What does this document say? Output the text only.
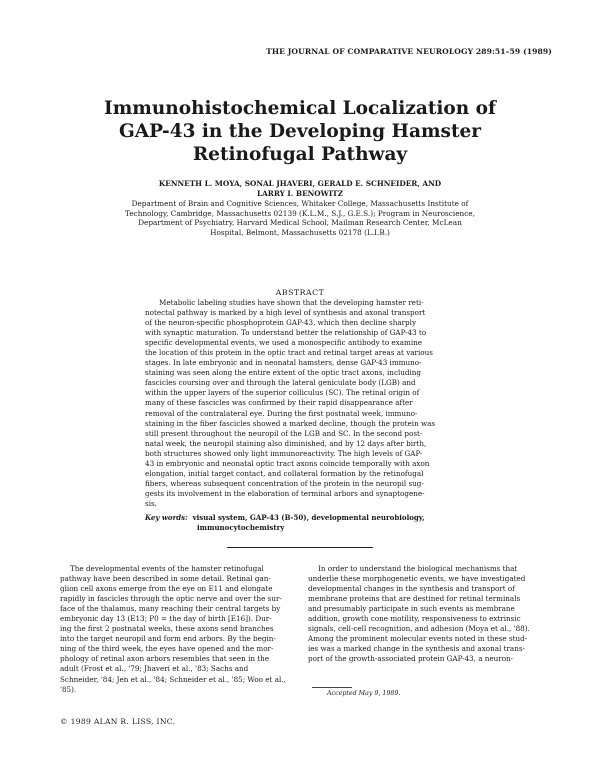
THE JOURNAL OF COMPARATIVE NEUROLOGY 289:51–59 (1989)
Immunohistochemical Localization of
GAP-43 in the Developing Hamster
Retinofugal Pathway
KENNETH L. MOYA, SONAL JHAVERI, GERALD E. SCHNEIDER, AND
LARRY I. BENOWITZ
Department of Brain and Cognitive Sciences, Whitaker College, Massachusetts Institute of
Technology, Cambridge, Massachusetts 02139 (K.L.M., S.J., G.E.S.); Program in Neuroscience,
Department of Psychiatry, Harvard Medical School, Mailman Research Center, McLean
Hospital, Belmont, Massachusetts 02178 (L.I.B.)
ABSTRACT
Metabolic labeling studies have shown that the developing hamster reti-
notectal pathway is marked by a high level of synthesis and axonal transport
of the neuron-specific phosphoprotein GAP-43, which then decline sharply
with synaptic maturation. To understand better the relationship of GAP-43 to
specific developmental events, we used a monospecific antibody to examine
the location of this protein in the optic tract and retinal target areas at various
stages. In late embryonic and in neonatal hamsters, dense GAP-43 immuno-
staining was seen along the entire extent of the optic tract axons, including
fascicles coursing over and through the lateral geniculate body (LGB) and
within the upper layers of the superior colliculus (SC). The retinal origin of
many of these fascicles was confirmed by their rapid disappearance after
removal of the contralateral eye. During the first postnatal week, immuno-
staining in the fiber fascicles showed a marked decline, though the protein was
still present throughout the neuropil of the LGB and SC. In the second post-
natal week, the neuropil staining also diminished, and by 12 days after birth,
both structures showed only light immunoreactivity. The high levels of GAP-
43 in embryonic and neonatal optic tract axons coincide temporally with axon
elongation, initial target contact, and collateral formation by the retinofugal
fibers, whereas subsequent concentration of the protein in the neuropil sug-
gests its involvement in the elaboration of terminal arbors and synaptogene-
sis.
Key words: visual system, GAP-43 (B-50), developmental neurobiology,
immunocytochemistry
The developmental events of the hamster retinofugal
pathway have been described in some detail. Retinal gan-
glion cell axons emerge from the eye on E11 and elongate
rapidly in fascicles through the optic nerve and over the sur-
face of the thalamus, many reaching their central targets by
embryonic day 13 (E13; P0 = the day of birth [E16]). Dur-
ing the first 2 postnatal weeks, these axons send branches
into the target neuropil and form end arbors. By the begin-
ning of the third week, the eyes have opened and the mor-
phology of retinal axon arbors resembles that seen in the
adult (Frost et al., '79; Jhaveri et al., '83; Sachs and
Schneider, '84; Jen et al., '84; Schneider et al., '85; Woo et al.,
'85).
In order to understand the biological mechanisms that
underlie these morphogenetic events, we have investigated
developmental changes in the synthesis and transport of
membrane proteins that are destined for retinal terminals
and presumably participate in such events as membrane
addition, growth cone motility, responsiveness to extrinsic
signals, cell-cell recognition, and adhesion (Moya et al., '88).
Among the prominent molecular events noted in these stud-
ies was a marked change in the synthesis and axonal trans-
port of the growth-associated protein GAP-43, a neuron-
Accepted May 9, 1989.
© 1989 ALAN R. LISS, INC.
